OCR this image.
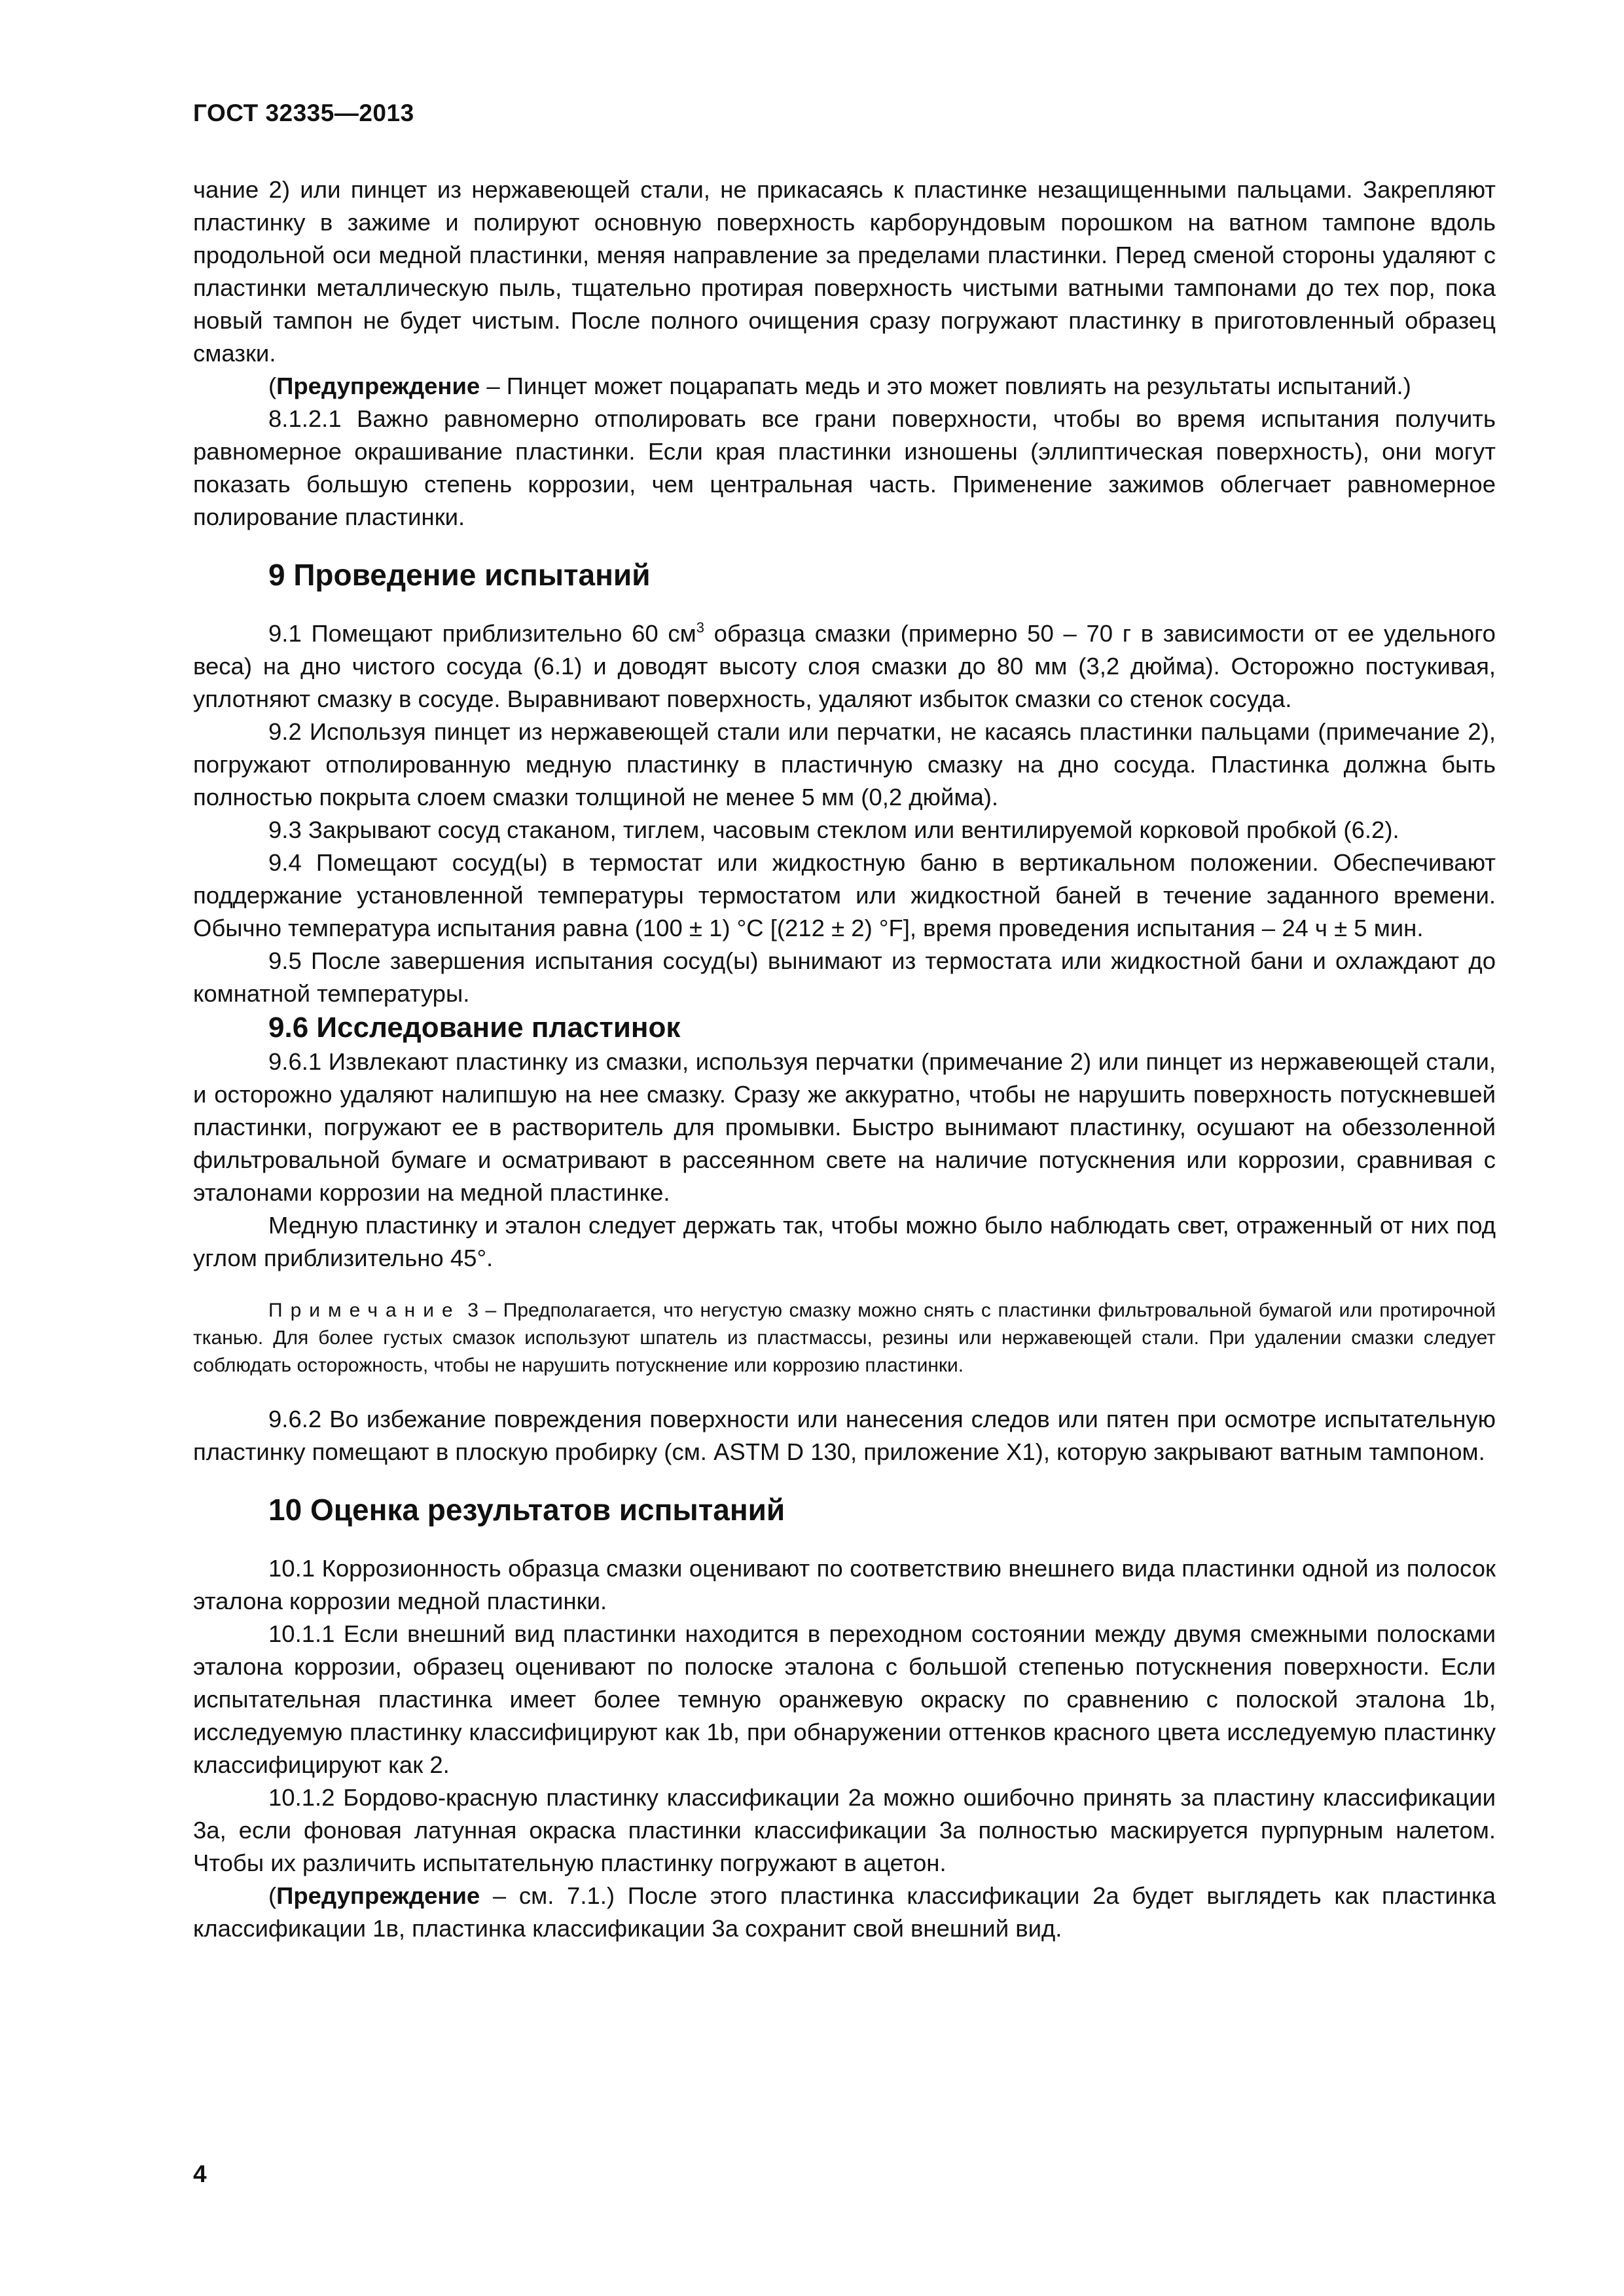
ГОСТ 32335—2013

чание 2) или пинцет из нержавеющей стали, не прикасаясь к пластинке незащищенными пальцами. Закрепляют пластинку в зажиме и полируют основную поверхность карборундовым порошком на ватном тампоне вдоль продольной оси медной пластинки, меняя направление за пределами пластинки. Перед сменой стороны удаляют с пластинки металлическую пыль, тщательно протирая поверхность чистыми ватными тампонами до тех пор, пока новый тампон не будет чистым. После полного очищения сразу погружают пластинку в приготовленный образец смазки.

(Предупреждение – Пинцет может поцарапать медь и это может повлиять на результаты испытаний.)

8.1.2.1 Важно равномерно отполировать все грани поверхности, чтобы во время испытания получить равномерное окрашивание пластинки. Если края пластинки изношены (эллиптическая поверхность), они могут показать большую степень коррозии, чем центральная часть. Применение зажимов облегчает равномерное полирование пластинки.

9 Проведение испытаний

9.1 Помещают приблизительно 60 $см^3$ образца смазки (примерно 50 – 70 г в зависимости от ее удельного веса) на дно чистого сосуда (6.1) и доводят высоту слоя смазки до 80 мм (3,2 дюйма). Осторожно постукивая, уплотняют смазку в сосуде. Выравнивают поверхность, удаляют избыток смазки со стенок сосуда.

9.2 Используя пинцет из нержавеющей стали или перчатки, не касаясь пластинки пальцами (примечание 2), погружают отполированную медную пластинку в пластичную смазку на дно сосуда. Пластинка должна быть полностью покрыта слоем смазки толщиной не менее 5 мм (0,2 дюйма).

9.3 Закрывают сосуд стаканом, тиглем, часовым стеклом или вентилируемой корковой пробкой (6.2).

9.4 Помещают сосуд(ы) в термостат или жидкостную баню в вертикальном положении. Обеспечивают поддержание установленной температуры термостатом или жидкостной баней в течение заданного времени. Обычно температура испытания равна (100 ± 1) °С [(212 ± 2) °F], время проведения испытания – 24 ч ± 5 мин.

9.5 После завершения испытания сосуд(ы) вынимают из термостата или жидкостной бани и охлаждают до комнатной температуры.

9.6 Исследование пластинок

9.6.1 Извлекают пластинку из смазки, используя перчатки (примечание 2) или пинцет из нержавеющей стали, и осторожно удаляют налипшую на нее смазку. Сразу же аккуратно, чтобы не нарушить поверхность потускневшей пластинки, погружают ее в растворитель для промывки. Быстро вынимают пластинку, осушают на обеззоленной фильтровальной бумаге и осматривают в рассеянном свете на наличие потускнения или коррозии, сравнивая с эталонами коррозии на медной пластинке.

Медную пластинку и эталон следует держать так, чтобы можно было наблюдать свет, отраженный от них под углом приблизительно 45°.

Примечание 3 – Предполагается, что негустую смазку можно снять с пластинки фильтровальной бумагой или протирочной тканью. Для более густых смазок используют шпатель из пластмассы, резины или нержавеющей стали. При удалении смазки следует соблюдать осторожность, чтобы не нарушить потускнение или коррозию пластинки.

9.6.2 Во избежание повреждения поверхности или нанесения следов или пятен при осмотре испытательную пластинку помещают в плоскую пробирку (см. ASTM D 130, приложение Х1), которую закрывают ватным тампоном.

10 Оценка результатов испытаний

10.1 Коррозионность образца смазки оценивают по соответствию внешнего вида пластинки одной из полосок эталона коррозии медной пластинки.

10.1.1 Если внешний вид пластинки находится в переходном состоянии между двумя смежными полосками эталона коррозии, образец оценивают по полоске эталона с большой степенью потускнения поверхности. Если испытательная пластинка имеет более темную оранжевую окраску по сравнению с полоской эталона 1b, исследуемую пластинку классифицируют как 1b, при обнаружении оттенков красного цвета исследуемую пластинку классифицируют как 2.

10.1.2 Бордово-красную пластинку классификации 2а можно ошибочно принять за пластину классификации 3а, если фоновая латунная окраска пластинки классификации 3а полностью маскируется пурпурным налетом. Чтобы их различить испытательную пластинку погружают в ацетон.

(Предупреждение – см. 7.1.) После этого пластинка классификации 2а будет выглядеть как пластинка классификации 1в, пластинка классификации 3а сохранит свой внешний вид.

4
